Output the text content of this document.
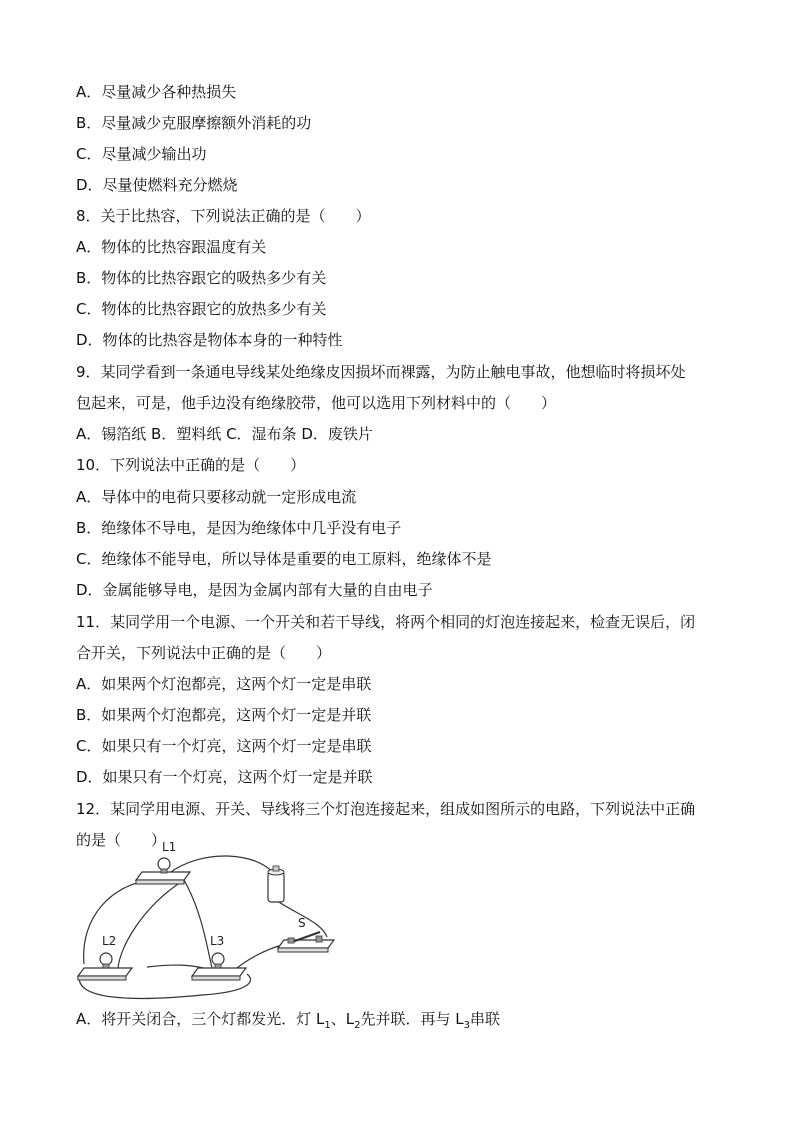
A．尽量减少各种热损失
B．尽量减少克服摩擦额外消耗的功
C．尽量减少输出功
D．尽量使燃料充分燃烧
8．关于比热容，下列说法正确的是（　　）
A．物体的比热容跟温度有关
B．物体的比热容跟它的吸热多少有关
C．物体的比热容跟它的放热多少有关
D．物体的比热容是物体本身的一种特性
9．某同学看到一条通电导线某处绝缘皮因损坏而裸露，为防止触电事故，他想临时将损坏处
包起来，可是，他手边没有绝缘胶带，他可以选用下列材料中的（　　）
A．锡箔纸 B．塑料纸 C．湿布条 D．废铁片
10．下列说法中正确的是（　　）
A．导体中的电荷只要移动就一定形成电流
B．绝缘体不导电，是因为绝缘体中几乎没有电子
C．绝缘体不能导电，所以导体是重要的电工原料，绝缘体不是
D．金属能够导电，是因为金属内部有大量的自由电子
11．某同学用一个电源、一个开关和若干导线，将两个相同的灯泡连接起来，检查无误后，闭
合开关，下列说法中正确的是（　　）
A．如果两个灯泡都亮，这两个灯一定是串联
B．如果两个灯泡都亮，这两个灯一定是并联
C．如果只有一个灯亮，这两个灯一定是串联
D．如果只有一个灯亮，这两个灯一定是并联
12．某同学用电源、开关、导线将三个灯泡连接起来，组成如图所示的电路，下列说法中正确
的是（　　）
A．将开关闭合，三个灯都发光．灯 $L_1$、$L_2$先并联．再与 $L_3$串联
L1
L2	L3
S
